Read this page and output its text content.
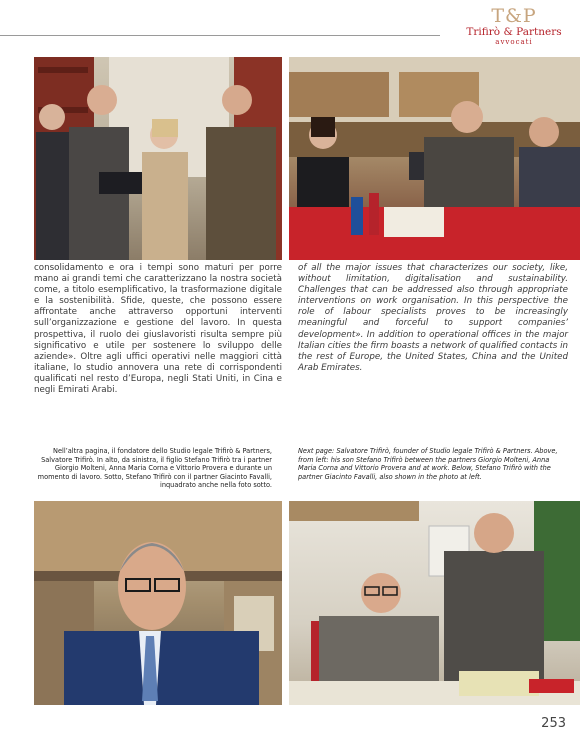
T&P
Trifirò & Partners
avvocati
consolidamento e ora i tempi sono maturi per porre mano ai grandi temi che caratterizzano la nostra società come, a titolo esemplificativo, la trasformazione digitale e la sostenibilità. Sfide, queste, che possono essere affrontate anche attraverso opportuni interventi sull’organizzazione e gestione del lavoro. In questa prospettiva, il ruolo dei giuslavoristi risulta sempre più significativo e utile per sostenere lo sviluppo delle aziende». Oltre agli uffici operativi nelle maggiori città italiane, lo studio annovera una rete di corrispondenti qualificati nel resto d’Europa, negli Stati Uniti, in Cina e negli Emirati Arabi.
of all the major issues that characterizes our society, like, without limitation, digitalisation and sustainability. Challenges that can be addressed also through appropriate interventions on work organisation. In this perspective the role of labour specialists proves to be increasingly meaningful and forceful to support companies’ development». In addition to operational offices in the major Italian cities the firm boasts a network of qualified contacts in the rest of Europe, the United States, China and the United Arab Emirates.
Nell’altra pagina, il fondatore dello Studio legale Trifirò & Partners, Salvatore Trifirò. In alto, da sinistra, il figlio Stefano Trifirò tra i partner Giorgio Molteni, Anna Maria Corna e Vittorio Provera e durante un momento di lavoro. Sotto, Stefano Trifirò con il partner Giacinto Favalli, inquadrato anche nella foto sotto.
Next page: Salvatore Trifirò, founder of Studio legale Trifirò & Partners. Above, from left: his son Stefano Trifirò between the partners Giorgio Molteni, Anna Maria Corna and Vittorio Provera and at work. Below, Stefano Trifirò with the partner Giacinto Favalli, also shown in the photo at left.
253
